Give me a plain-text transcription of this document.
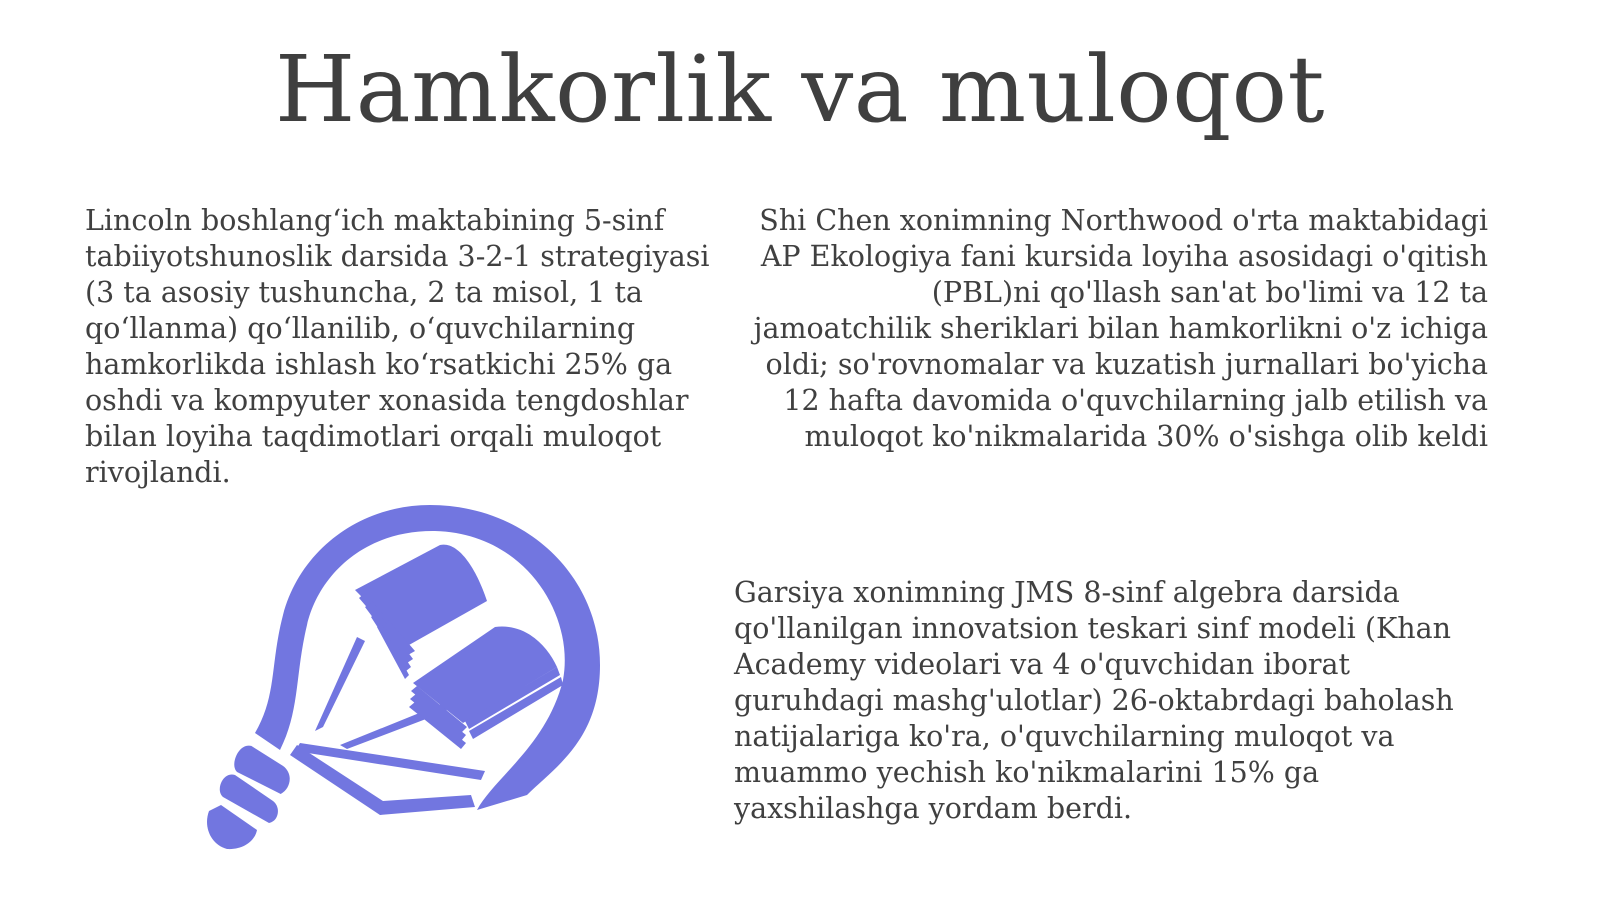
Hamkorlik va muloqot

Lincoln boshlangʻich maktabining 5-sinf tabiiyotshunoslik darsida 3-2-1 strategiyasi (3 ta asosiy tushuncha, 2 ta misol, 1 ta qoʻllanma) qoʻllanilib, oʻquvchilarning hamkorlikda ishlash koʻrsatkichi 25% ga oshdi va kompyuter xonasida tengdoshlar bilan loyiha taqdimotlari orqali muloqot rivojlandi.

Shi Chen xonimning Northwood o'rta maktabidagi AP Ekologiya fani kursida loyiha asosidagi o'qitish (PBL)ni qo'llash san'at bo'limi va 12 ta jamoatchilik sheriklari bilan hamkorlikni o'z ichiga oldi; so'rovnomalar va kuzatish jurnallari bo'yicha 12 hafta davomida o'quvchilarning jalb etilish va muloqot ko'nikmalarida 30% o'sishga olib keldi

Garsiya xonimning JMS 8-sinf algebra darsida qo'llanilgan innovatsion teskari sinf modeli (Khan Academy videolari va 4 o'quvchidan iborat guruhdagi mashg'ulotlar) 26-oktabrdagi baholash natijalariga ko'ra, o'quvchilarning muloqot va muammo yechish ko'nikmalarini 15% ga yaxshilashga yordam berdi.
